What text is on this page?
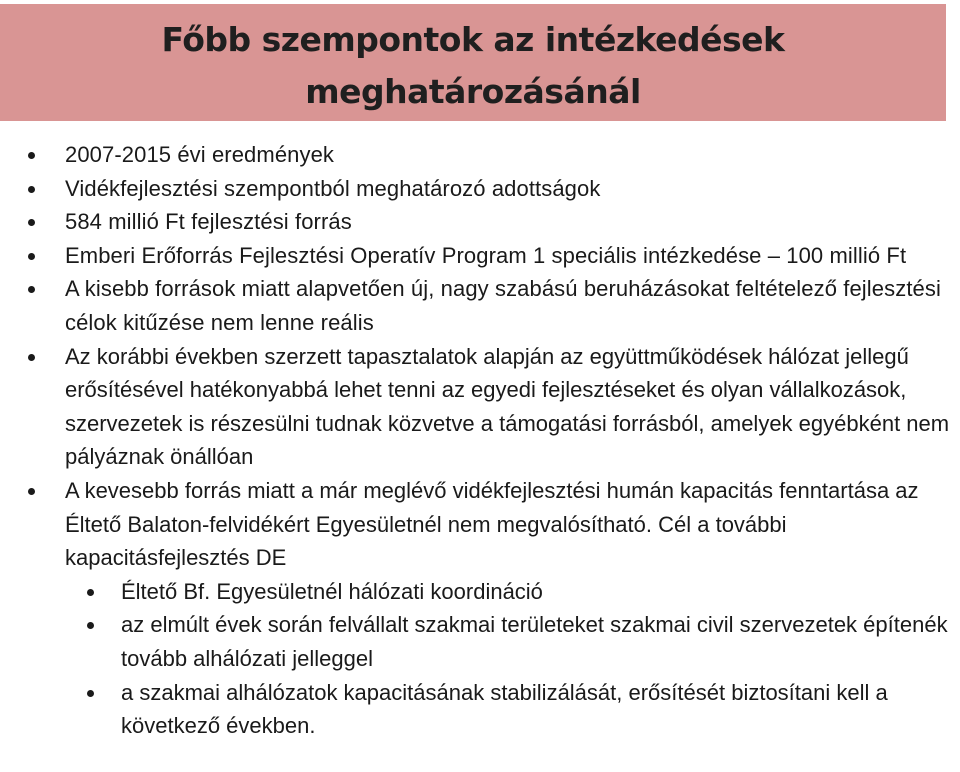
Főbb szempontok az intézkedések meghatározásánál
2007-2015 évi eredmények
Vidékfejlesztési szempontból meghatározó adottságok
584 millió Ft fejlesztési forrás
Emberi Erőforrás Fejlesztési Operatív Program 1 speciális intézkedése – 100 millió Ft
A kisebb források miatt alapvetően új, nagy szabású beruházásokat feltételező fejlesztési célok kitűzése nem lenne reális
Az korábbi években szerzett tapasztalatok alapján az együttműködések hálózat jellegű erősítésével hatékonyabbá lehet tenni az egyedi fejlesztéseket és olyan vállalkozások, szervezetek is részesülni tudnak közvetve a támogatási forrásból, amelyek egyébként nem pályáznak önállóan
A kevesebb forrás miatt a már meglévő vidékfejlesztési humán kapacitás fenntartása az Éltető Balaton-felvidékért Egyesületnél nem megvalósítható. Cél a további kapacitásfejlesztés DE
Éltető Bf. Egyesületnél hálózati koordináció
az elmúlt évek során felvállalt szakmai területeket szakmai civil szervezetek építenék tovább alhálózati jelleggel
a szakmai alhálózatok kapacitásának stabilizálását, erősítését biztosítani kell a következő években.
